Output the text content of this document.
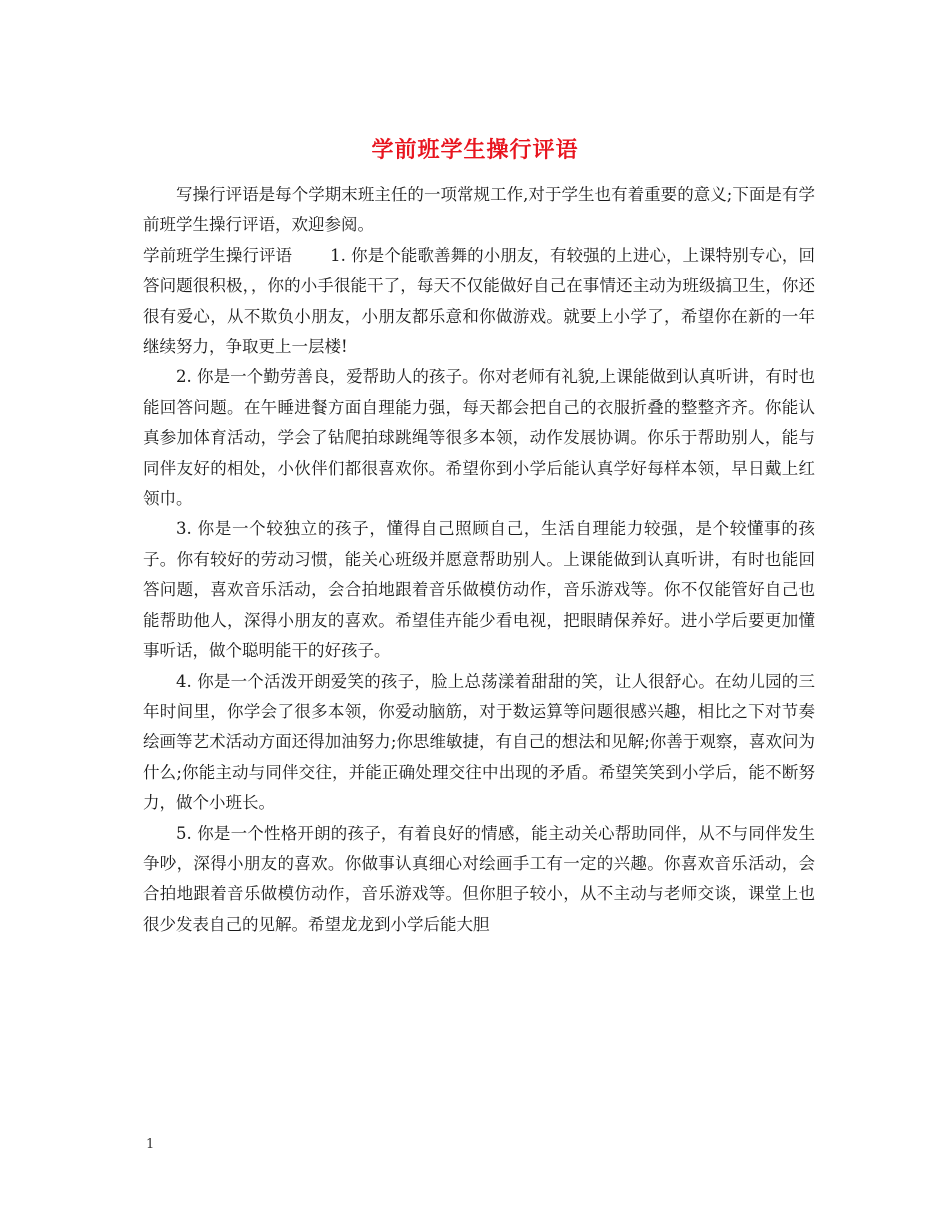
学前班学生操行评语

写操行评语是每个学期末班主任的一项常规工作,对于学生也有着重要的意义;下面是有学前班学生操行评语，欢迎参阅。

学前班学生操行评语 1. 你是个能歌善舞的小朋友，有较强的上进心，上课特别专心，回答问题很积极，，你的小手很能干了，每天不仅能做好自己在事情还主动为班级搞卫生，你还很有爱心，从不欺负小朋友，小朋友都乐意和你做游戏。就要上小学了，希望你在新的一年继续努力，争取更上一层楼!

2. 你是一个勤劳善良，爱帮助人的孩子。你对老师有礼貌,上课能做到认真听讲，有时也能回答问题。在午睡进餐方面自理能力强，每天都会把自己的衣服折叠的整整齐齐。你能认真参加体育活动，学会了钻爬拍球跳绳等很多本领，动作发展协调。你乐于帮助别人，能与同伴友好的相处，小伙伴们都很喜欢你。希望你到小学后能认真学好每样本领，早日戴上红领巾。

3. 你是一个较独立的孩子，懂得自己照顾自己，生活自理能力较强，是个较懂事的孩子。你有较好的劳动习惯，能关心班级并愿意帮助别人。上课能做到认真听讲，有时也能回答问题，喜欢音乐活动，会合拍地跟着音乐做模仿动作，音乐游戏等。你不仅能管好自己也能帮助他人，深得小朋友的喜欢。希望佳卉能少看电视，把眼睛保养好。进小学后要更加懂事听话，做个聪明能干的好孩子。

4. 你是一个活泼开朗爱笑的孩子，脸上总荡漾着甜甜的笑，让人很舒心。在幼儿园的三年时间里，你学会了很多本领，你爱动脑筋，对于数运算等问题很感兴趣，相比之下对节奏绘画等艺术活动方面还得加油努力;你思维敏捷，有自己的想法和见解;你善于观察，喜欢问为什么;你能主动与同伴交往，并能正确处理交往中出现的矛盾。希望笑笑到小学后，能不断努力，做个小班长。

5. 你是一个性格开朗的孩子，有着良好的情感，能主动关心帮助同伴，从不与同伴发生争吵，深得小朋友的喜欢。你做事认真细心对绘画手工有一定的兴趣。你喜欢音乐活动，会合拍地跟着音乐做模仿动作，音乐游戏等。但你胆子较小，从不主动与老师交谈，课堂上也很少发表自己的见解。希望龙龙到小学后能大胆

1
